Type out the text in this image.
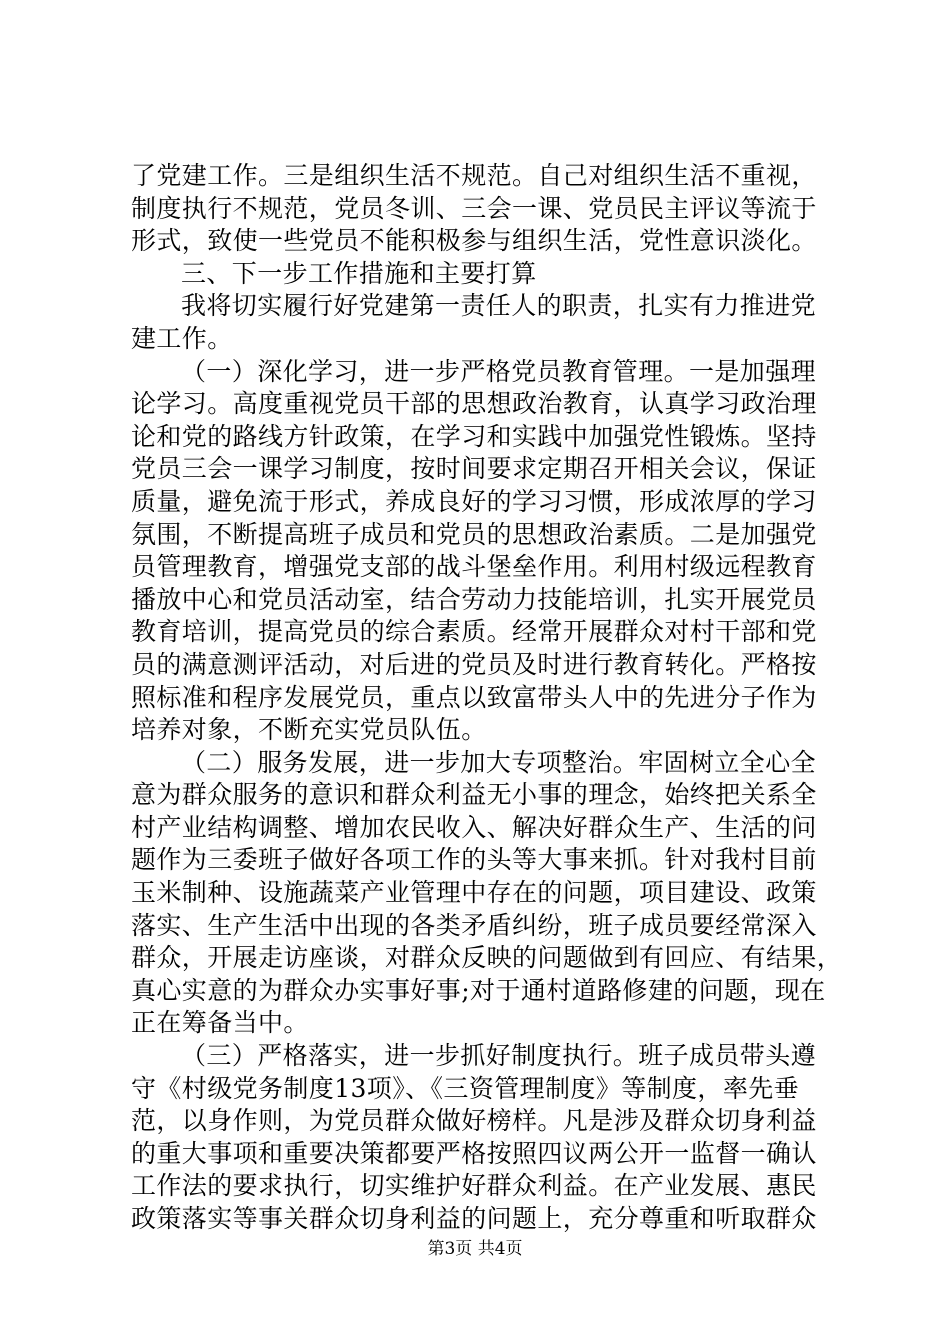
了党建工作。三是组织生活不规范。自己对组织生活不重视，
制度执行不规范，党员冬训、三会一课、党员民主评议等流于
形式，致使一些党员不能积极参与组织生活，党性意识淡化。
三、下一步工作措施和主要打算
我将切实履行好党建第一责任人的职责，扎实有力推进党
建工作。
（一）深化学习，进一步严格党员教育管理。一是加强理
论学习。高度重视党员干部的思想政治教育，认真学习政治理
论和党的路线方针政策，在学习和实践中加强党性锻炼。坚持
党员三会一课学习制度，按时间要求定期召开相关会议，保证
质量，避免流于形式，养成良好的学习习惯，形成浓厚的学习
氛围，不断提高班子成员和党员的思想政治素质。二是加强党
员管理教育，增强党支部的战斗堡垒作用。利用村级远程教育
播放中心和党员活动室，结合劳动力技能培训，扎实开展党员
教育培训，提高党员的综合素质。经常开展群众对村干部和党
员的满意测评活动，对后进的党员及时进行教育转化。严格按
照标准和程序发展党员，重点以致富带头人中的先进分子作为
培养对象，不断充实党员队伍。
（二）服务发展，进一步加大专项整治。牢固树立全心全
意为群众服务的意识和群众利益无小事的理念，始终把关系全
村产业结构调整、增加农民收入、解决好群众生产、生活的问
题作为三委班子做好各项工作的头等大事来抓。针对我村目前
玉米制种、设施蔬菜产业管理中存在的问题，项目建设、政策
落实、生产生活中出现的各类矛盾纠纷，班子成员要经常深入
群众，开展走访座谈，对群众反映的问题做到有回应、有结果，
真心实意的为群众办实事好事;对于通村道路修建的问题，现在
正在筹备当中。
（三）严格落实，进一步抓好制度执行。班子成员带头遵
守《村级党务制度13项》、《三资管理制度》等制度，率先垂
范，以身作则，为党员群众做好榜样。凡是涉及群众切身利益
的重大事项和重要决策都要严格按照四议两公开一监督一确认
工作法的要求执行，切实维护好群众利益。在产业发展、惠民
政策落实等事关群众切身利益的问题上，充分尊重和听取群众
第3页 共4页
